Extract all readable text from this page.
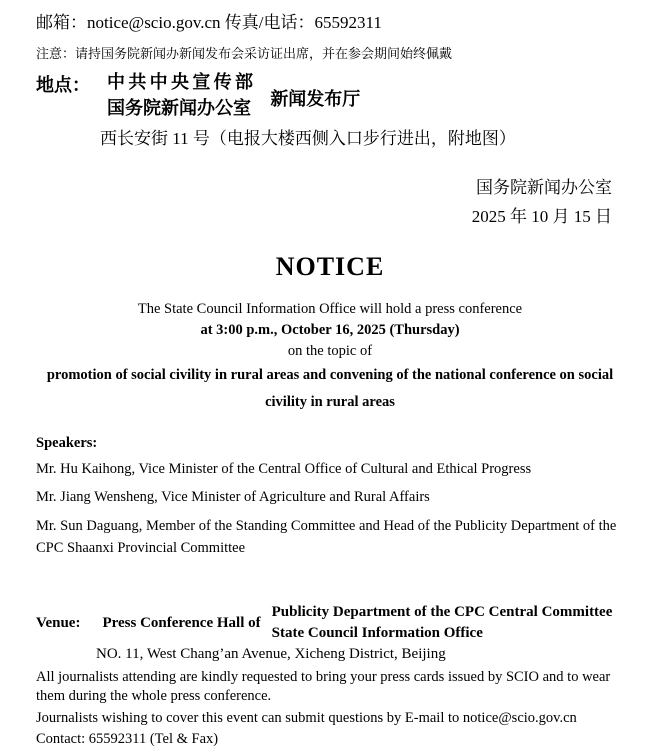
邮箱：notice@scio.gov.cn 传真/电话：65592311
注意：请持国务院新闻办新闻发布会采访证出席，并在参会期间始终佩戴
地点： 中共中央宣传部
国务院新闻办公室 新闻发布厅
西长安街 11 号（电报大楼西侧入口步行进出，附地图）
国务院新闻办公室
2025 年 10 月 15 日
NOTICE
The State Council Information Office will hold a press conference
at 3:00 p.m., October 16, 2025 (Thursday)
on the topic of
promotion of social civility in rural areas and convening of the national conference on social civility in rural areas
Speakers:
Mr. Hu Kaihong, Vice Minister of the Central Office of Cultural and Ethical Progress
Mr. Jiang Wensheng, Vice Minister of Agriculture and Rural Affairs
Mr. Sun Daguang, Member of the Standing Committee and Head of the Publicity Department of the CPC Shaanxi Provincial Committee
Venue: Press Conference Hall of
Publicity Department of the CPC Central Committee
State Council Information Office
NO. 11, West Chang’an Avenue, Xicheng District, Beijing
All journalists attending are kindly requested to bring your press cards issued by SCIO and to wear them during the whole press conference.
Journalists wishing to cover this event can submit questions by E-mail to notice@scio.gov.cn
Contact: 65592311 (Tel & Fax)
